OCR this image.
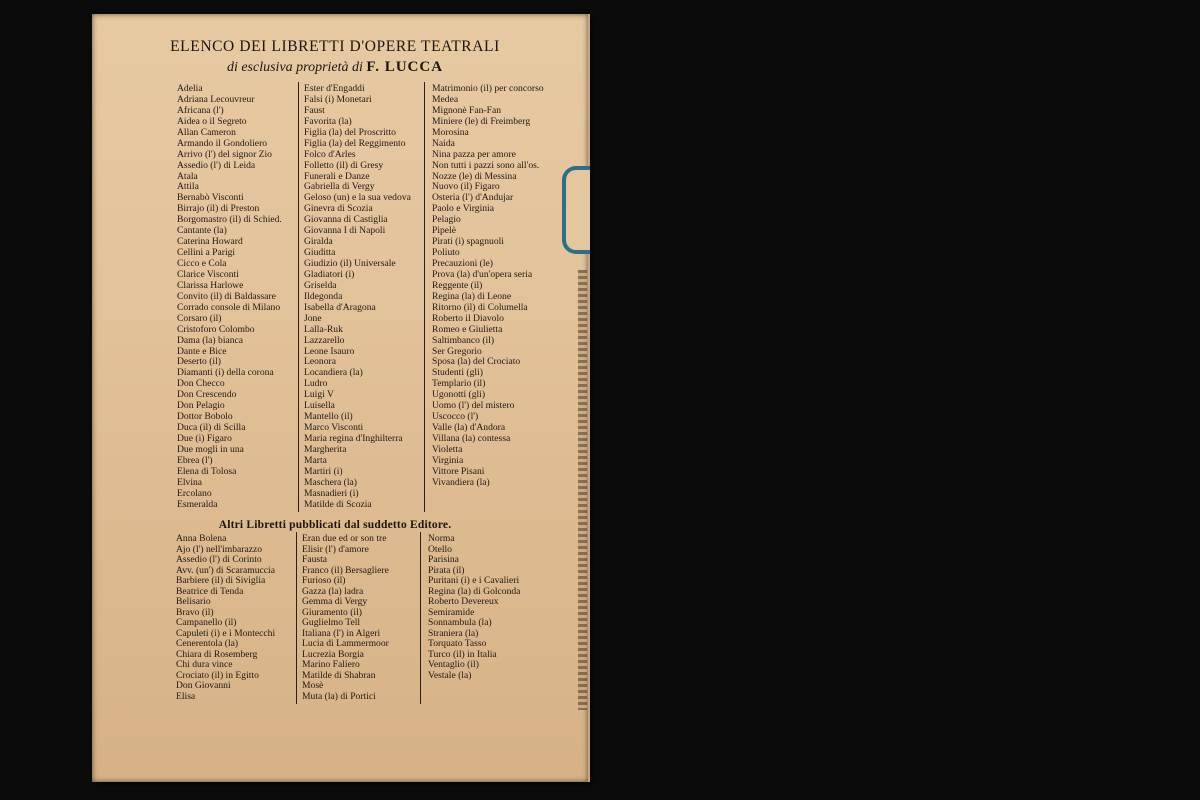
ELENCO DEI LIBRETTI D'OPERE TEATRALI
di esclusiva proprietà di F. LUCCA
Adelia
Adriana Lecouvreur
Africana (l')
Aidea o il Segreto
Allan Cameron
Armando il Gondoliero
Arrivo (l') del signor Zio
Assedio (l') di Leida
Atala
Attila
Bernabò Visconti
Birrajo (il) di Preston
Borgomastro (il) di Schied.
Cantante (la)
Caterina Howard
Cellini a Parigi
Cicco e Cola
Clarice Visconti
Clarissa Harlowe
Convito (il) di Baldassare
Corrado console di Milano
Corsaro (il)
Cristoforo Colombo
Dama (la) bianca
Dante e Bice
Deserto (il)
Diamanti (i) della corona
Don Checco
Don Crescendo
Don Pelagio
Dottor Bobolo
Duca (il) di Scilla
Due (i) Figaro
Due mogli in una
Ebrea (l')
Elena di Tolosa
Elvina
Ercolano
Esmeralda
Ester d'Engaddi
Falsi (i) Monetari
Faust
Favorita (la)
Figlia (la) del Proscritto
Figlia (la) del Reggimento
Folco d'Arles
Folletto (il) di Gresy
Funerali e Danze
Gabriella di Vergy
Geloso (un) e la sua vedova
Ginevra di Scozia
Giovanna di Castiglia
Giovanna I di Napoli
Giralda
Giuditta
Giudizio (il) Universale
Gladiatori (i)
Griselda
Ildegonda
Isabella d'Aragona
Jone
Lalla-Ruk
Lazzarello
Leone Isauro
Leonora
Locandiera (la)
Ludro
Luigi V
Luisella
Mantello (il)
Marco Visconti
Maria regina d'Inghilterra
Margherita
Marta
Martiri (i)
Maschera (la)
Masnadieri (i)
Matilde di Scozia
Matrimonio (il) per concorso
Medea
Mignonè Fan-Fan
Miniere (le) di Freimberg
Morosina
Naida
Nina pazza per amore
Non tutti i pazzi sono all'os.
Nozze (le) di Messina
Nuovo (il) Figaro
Osteria (l') d'Andujar
Paolo e Virginia
Pelagio
Pipelè
Pirati (i) spagnuoli
Poliuto
Precauzioni (le)
Prova (la) d'un'opera seria
Reggente (il)
Regina (la) di Leone
Ritorno (il) di Columella
Roberto il Diavolo
Romeo e Giulietta
Saltimbanco (il)
Ser Gregorio
Sposa (la) del Crociato
Studenti (gli)
Templario (il)
Ugonotti (gli)
Uomo (l') del mistero
Uscocco (l')
Valle (la) d'Andora
Villana (la) contessa
Violetta
Virginia
Vittore Pisani
Vivandiera (la)
Altri Libretti pubblicati dal suddetto Editore.
Anna Bolena
Ajo (l') nell'imbarazzo
Assedio (l') di Corinto
Avv. (un') di Scaramuccia
Barbiere (il) di Siviglia
Beatrice di Tenda
Belisario
Bravo (il)
Campanello (il)
Capuleti (i) e i Montecchi
Cenerentola (la)
Chiara di Rosemberg
Chi dura vince
Crociato (il) in Egitto
Don Giovanni
Elisa
Eran due ed or son tre
Elisir (l') d'amore
Fausta
Franco (il) Bersagliere
Furioso (il)
Gazza (la) ladra
Gemma di Vergy
Giuramento (il)
Guglielmo Tell
Italiana (l') in Algeri
Lucia di Lammermoor
Lucrezia Borgia
Marino Faliero
Matilde di Shabran
Mosè
Muta (la) di Portici
Norma
Otello
Parisina
Pirata (il)
Puritani (i) e i Cavalieri
Regina (la) di Golconda
Roberto Devereux
Semiramide
Sonnambula (la)
Straniera (la)
Torquato Tasso
Turco (il) in Italia
Ventaglio (il)
Vestale (la)
